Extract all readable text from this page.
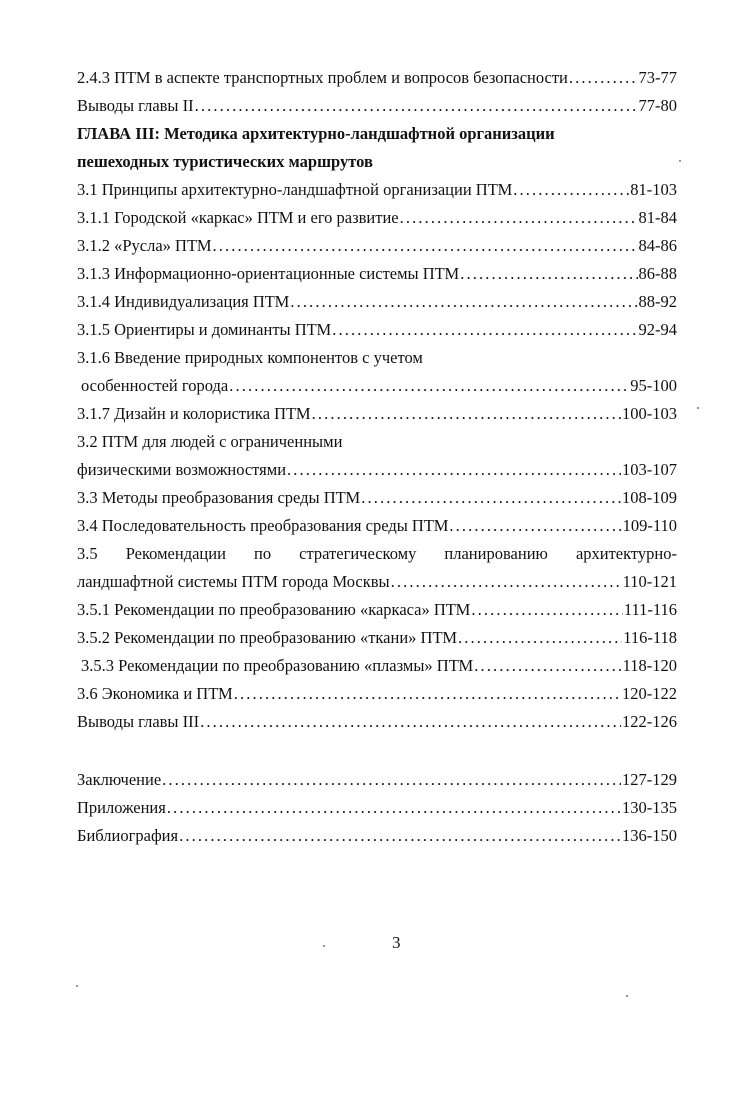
2.4.3 ПТМ в аспекте транспортных проблем и вопросов безопасности . . .	73-77
Выводы главы II . . .	77-80
ГЛАВА III: Методика архитектурно-ландшафтной организации
пешеходных туристических маршрутов
3.1 Принципы архитектурно-ландшафтной организации ПТМ . . .	81-103
3.1.1 Городской «каркас» ПТМ и его развитие . . .	81-84
3.1.2 «Русла» ПТМ . . .	84-86
3.1.3 Информационно-ориентационные системы ПТМ . . .	86-88
3.1.4 Индивидуализация ПТМ . . .	88-92
3.1.5 Ориентиры и доминанты ПТМ . . .	92-94
3.1.6 Введение природных компонентов с учетом
особенностей города . . .	95-100
3.1.7 Дизайн и колористика ПТМ . . .	100-103
3.2 ПТМ для людей с ограниченными
физическими возможностями . . .	103-107
3.3 Методы преобразования среды ПТМ . . .	108-109
3.4 Последовательность преобразования среды ПТМ . . .	109-110
3.5 Рекомендации по стратегическому планированию архитектурно-
ландшафтной системы ПТМ города Москвы . . .	110-121
3.5.1 Рекомендации по преобразованию «каркаса» ПТМ . . .	111-116
3.5.2 Рекомендации по преобразованию «ткани» ПТМ . . .	116-118
3.5.3 Рекомендации по преобразованию «плазмы» ПТМ . . .	118-120
3.6 Экономика и ПТМ . . .	120-122
Выводы главы III . . .	122-126
Заключение . . .	127-129
Приложения . . .	130-135
Библиография . . .	136-150
3
